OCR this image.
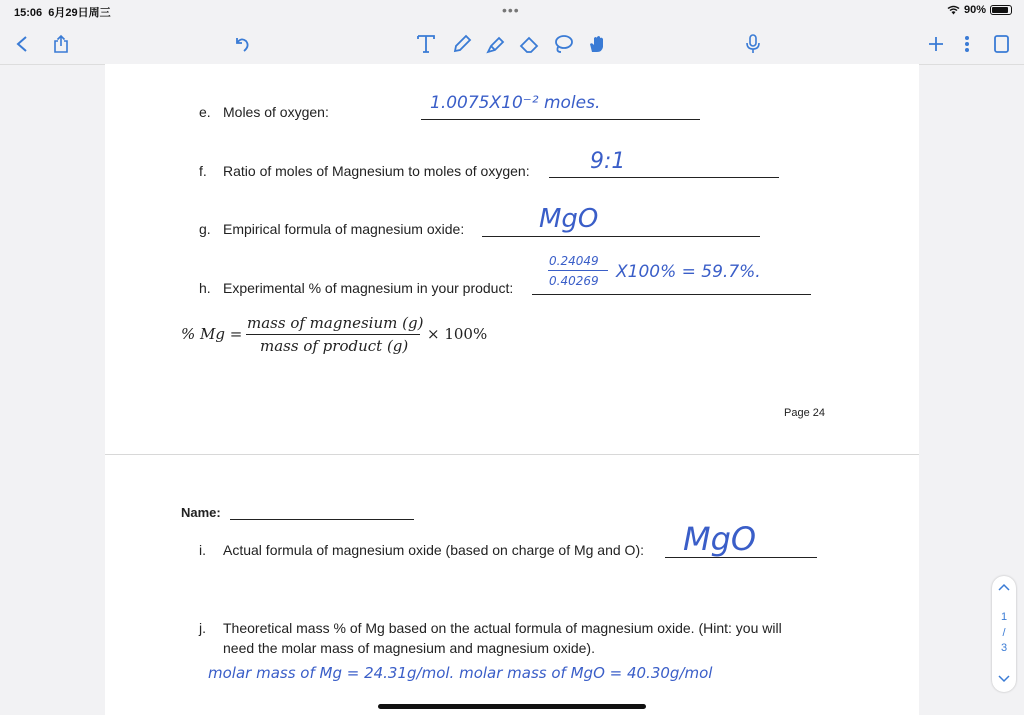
15:06 6月29日周三	•••	90%
e. Moles of oxygen:	1.0075X10⁻² moles.
f. Ratio of moles of Magnesium to moles of oxygen:	9:1
g. Empirical formula of magnesium oxide:	MgO
h. Experimental % of magnesium in your product:
0.24049
0.40269 X100% = 59.7%.
% Mg =
mass of magnesium (g)
mass of product (g)
× 100%
Page 24
Name:
i. Actual formula of magnesium oxide (based on charge of Mg and O): MgO
j. Theoretical mass % of Mg based on the actual formula of magnesium oxide. (Hint: you will
need the molar mass of magnesium and magnesium oxide).
molar mass of Mg = 24.31g/mol. molar mass of MgO = 40.30g/mol
1
/
3
